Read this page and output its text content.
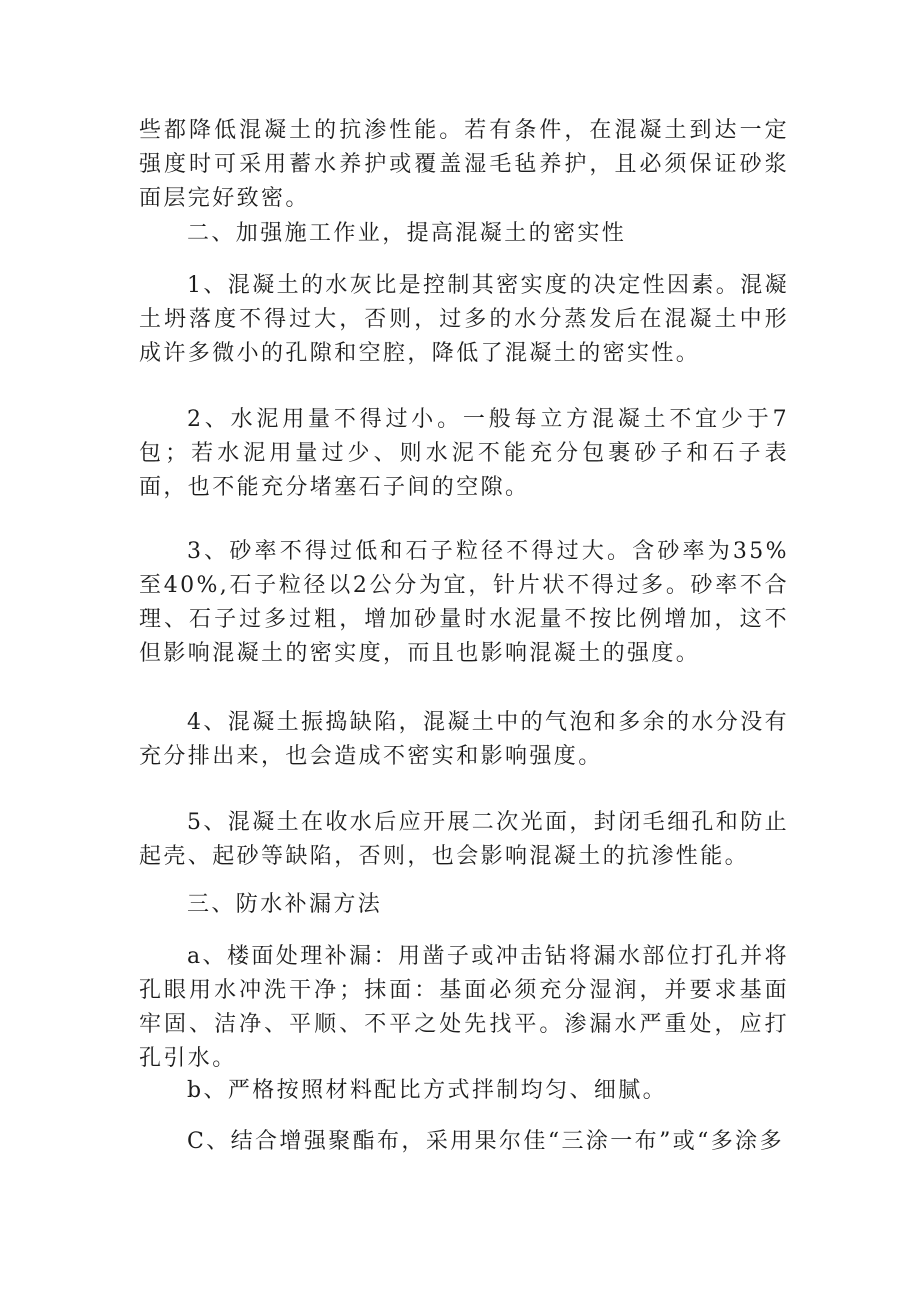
些都降低混凝土的抗渗性能。若有条件，在混凝土到达一定强度时可采用蓄水养护或覆盖湿毛毡养护，且必须保证砂浆面层完好致密。

二、加强施工作业，提高混凝土的密实性

1、混凝土的水灰比是控制其密实度的决定性因素。混凝土坍落度不得过大，否则，过多的水分蒸发后在混凝土中形成许多微小的孔隙和空腔，降低了混凝土的密实性。

2、水泥用量不得过小。一般每立方混凝土不宜少于7包；若水泥用量过少、则水泥不能充分包裹砂子和石子表面，也不能充分堵塞石子间的空隙。

3、砂率不得过低和石子粒径不得过大。含砂率为35%至40%,石子粒径以2公分为宜，针片状不得过多。砂率不合理、石子过多过粗，增加砂量时水泥量不按比例增加，这不但影响混凝土的密实度，而且也影响混凝土的强度。

4、混凝土振捣缺陷，混凝土中的气泡和多余的水分没有充分排出来，也会造成不密实和影响强度。

5、混凝土在收水后应开展二次光面，封闭毛细孔和防止起壳、起砂等缺陷，否则，也会影响混凝土的抗渗性能。

三、防水补漏方法

a、楼面处理补漏：用凿子或冲击钻将漏水部位打孔并将孔眼用水冲洗干净；抹面：基面必须充分湿润，并要求基面牢固、洁净、平顺、不平之处先找平。渗漏水严重处，应打孔引水。

b、严格按照材料配比方式拌制均匀、细腻。

C、结合增强聚酯布，采用果尔佳“三涂一布”或“多涂多
